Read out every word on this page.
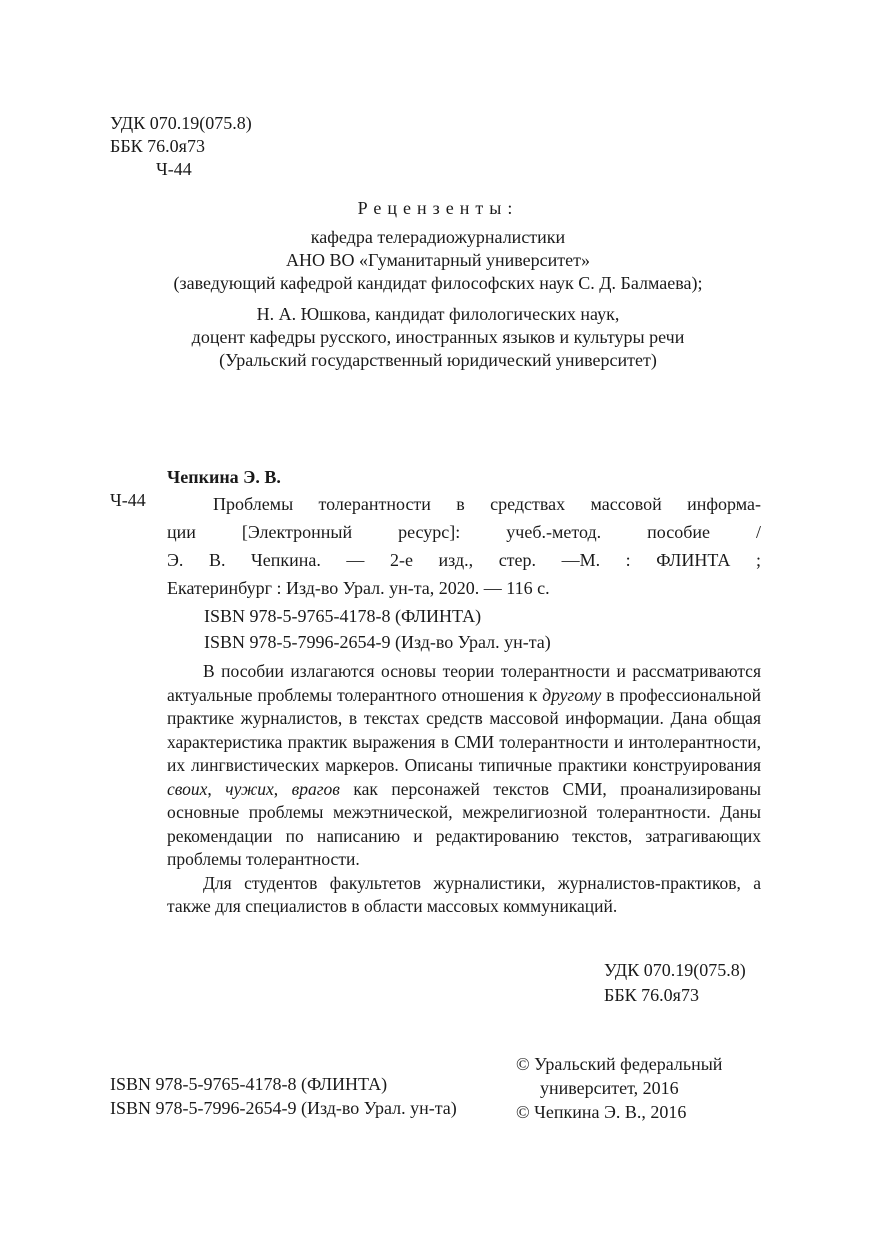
УДК 070.19(075.8)
ББК 76.0я73
Ч-44
Рецензенты:
кафедра телерадиожурналистики
АНО ВО «Гуманитарный университет»
(заведующий кафедрой кандидат философских наук С. Д. Балмаева);
Н. А. Юшкова, кандидат филологических наук,
доцент кафедры русского, иностранных языков и культуры речи
(Уральский государственный юридический университет)
Чепкина Э. В.
Ч-44	Проблемы толерантности в средствах массовой информа-

ции [Электронный ресурс]: учеб.-метод. пособие /

Э. В. Чепкина. — 2-е изд., стер. —М. : ФЛИНТА ;

Екатеринбург : Изд-во Урал. ун-та, 2020. — 116 с.

ISBN 978-5-9765-4178-8 (ФЛИНТА)
ISBN 978-5-7996-2654-9 (Изд-во Урал. ун-та)

В пособии излагаются основы теории толерантности и рассматриваются актуальные проблемы толерантного отношения к другому в профессиональной практике журналистов, в текстах средств массовой информации. Дана общая характеристика практик выражения в СМИ толерантности и интолерантности, их лингвистических маркеров. Описаны типичные практики конструирования своих, чужих, врагов как персонажей текстов СМИ, проанализированы основные проблемы межэтнической, межрелигиозной толерантности. Даны рекомендации по написанию и редактированию текстов, затрагивающих проблемы толерантности.

Для студентов факультетов журналистики, журналистов-практиков, а также для специалистов в области массовых коммуникаций.

УДК 070.19(075.8)
ББК 76.0я73
ISBN 978-5-9765-4178-8 (ФЛИНТА)
ISBN 978-5-7996-2654-9 (Изд-во Урал. ун-та)
© Уральский федеральный
университет, 2016
© Чепкина Э. В., 2016
